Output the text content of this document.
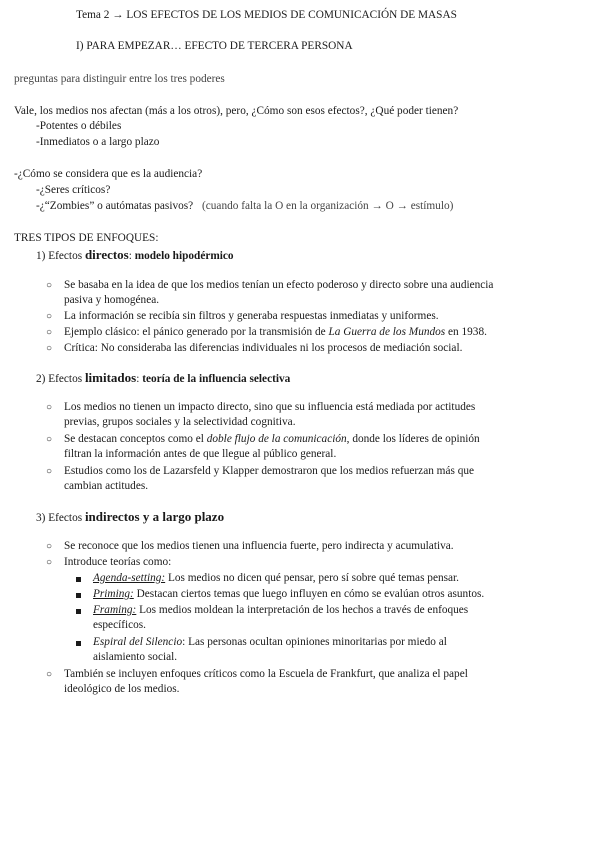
Tema 2 → LOS EFECTOS DE LOS MEDIOS DE COMUNICACIÓN DE MASAS
I) PARA EMPEZAR… EFECTO DE TERCERA PERSONA
preguntas para distinguir entre los tres poderes
Vale, los medios nos afectan (más a los otros), pero, ¿Cómo son esos efectos?, ¿Qué poder tienen?
-Potentes o débiles
-Inmediatos o a largo plazo
-¿Cómo se considera que es la audiencia?
-¿Seres críticos?
-¿“Zombies” o autómatas pasivos? (cuando falta la O en la organización → O → estímulo)
TRES TIPOS DE ENFOQUES:
1) Efectos directos: modelo hipodérmico
○ Se basaba en la idea de que los medios tenían un efecto poderoso y directo sobre una audiencia
pasiva y homogénea.
○ La información se recibía sin filtros y generaba respuestas inmediatas y uniformes.
○ Ejemplo clásico: el pánico generado por la transmisión de La Guerra de los Mundos en 1938.
○ Crítica: No consideraba las diferencias individuales ni los procesos de mediación social.
2) Efectos limitados: teoría de la influencia selectiva
○ Los medios no tienen un impacto directo, sino que su influencia está mediada por actitudes
previas, grupos sociales y la selectividad cognitiva.
○ Se destacan conceptos como el doble flujo de la comunicación, donde los líderes de opinión
filtran la información antes de que llegue al público general.
○ Estudios como los de Lazarsfeld y Klapper demostraron que los medios refuerzan más que
cambian actitudes.
3) Efectos indirectos y a largo plazo
○ Se reconoce que los medios tienen una influencia fuerte, pero indirecta y acumulativa.
○ Introduce teorías como:
Agenda-setting: Los medios no dicen qué pensar, pero sí sobre qué temas pensar.
Priming: Destacan ciertos temas que luego influyen en cómo se evalúan otros asuntos.
Framing: Los medios moldean la interpretación de los hechos a través de enfoques
específicos.
Espiral del Silencio: Las personas ocultan opiniones minoritarias por miedo al
aislamiento social.
○ También se incluyen enfoques críticos como la Escuela de Frankfurt, que analiza el papel
ideológico de los medios.
